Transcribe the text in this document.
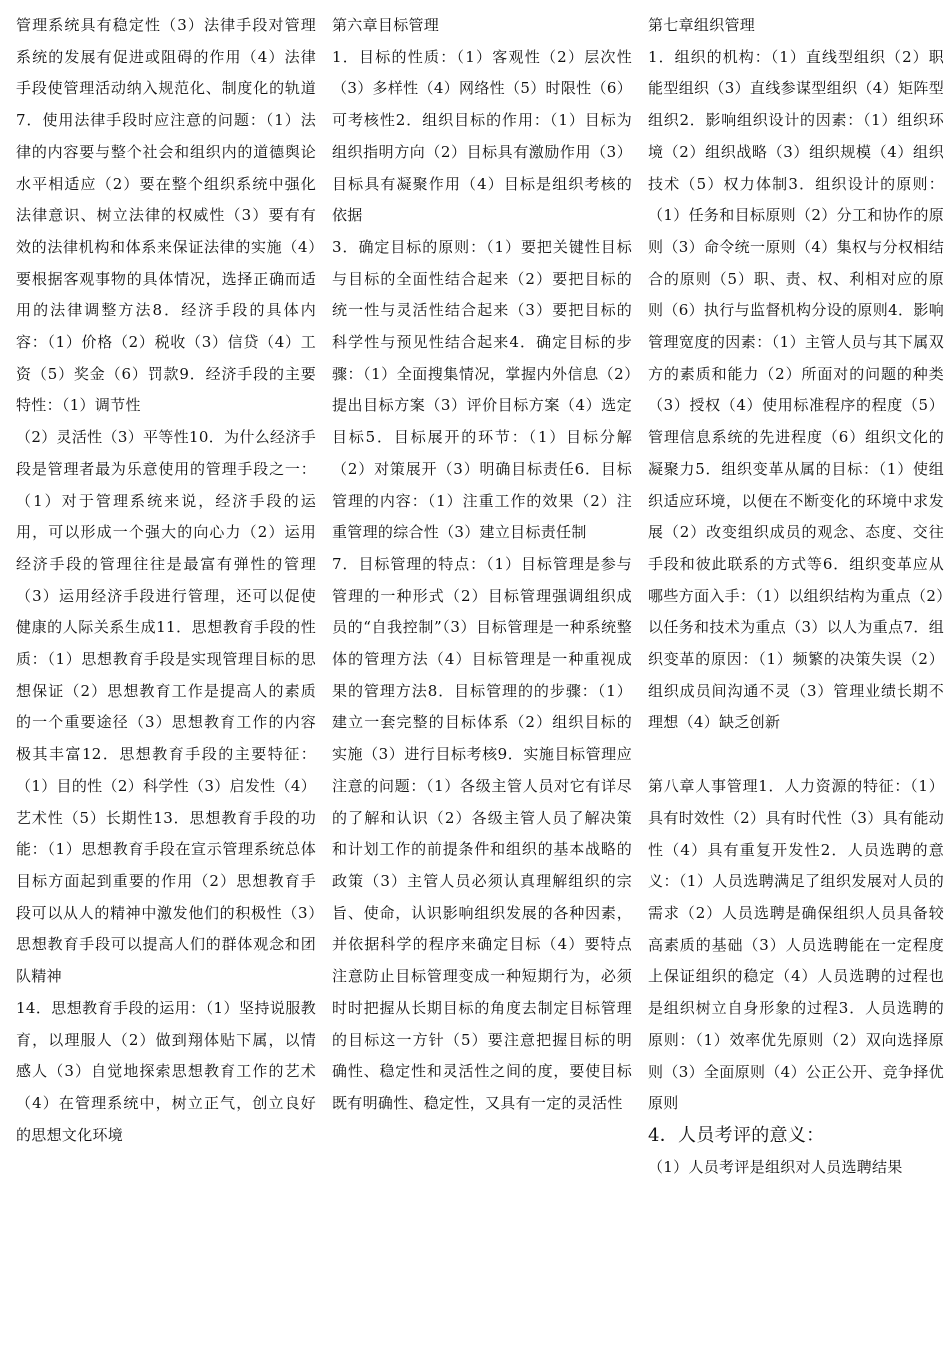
管理系统具有稳定性（3）法律手段对管理系统的发展有促进或阻碍的作用（4）法律手段使管理活动纳入规范化、制度化的轨道7．使用法律手段时应注意的问题：（1）法律的内容要与整个社会和组织内的道德舆论水平相适应（2）要在整个组织系统中强化法律意识、树立法律的权威性（3）要有有效的法律机构和体系来保证法律的实施（4）要根据客观事物的具体情况，选择正确而适用的法律调整方法8．经济手段的具体内容：（1）价格（2）税收（3）信贷（4）工资（5）奖金（6）罚款9．经济手段的主要特性：（1）调节性

（2）灵活性（3）平等性10．为什么经济手段是管理者最为乐意使用的管理手段之一：（1）对于管理系统来说，经济手段的运用，可以形成一个强大的向心力（2）运用经济手段的管理往往是最富有弹性的管理（3）运用经济手段进行管理，还可以促使健康的人际关系生成11．思想教育手段的性质：（1）思想教育手段是实现管理目标的思想保证（2）思想教育工作是提高人的素质的一个重要途径（3）思想教育工作的内容极其丰富12．思想教育手段的主要特征：（1）目的性（2）科学性（3）启发性（4）艺术性（5）长期性13．思想教育手段的功能：（1）思想教育手段在宣示管理系统总体目标方面起到重要的作用（2）思想教育手段可以从人的精神中激发他们的积极性（3）思想教育手段可以提高人们的群体观念和团队精神

14．思想教育手段的运用：（1）坚持说服教育，以理服人（2）做到翔体贴下属，以情感人（3）自觉地探索思想教育工作的艺术（4）在管理系统中，树立正气，创立良好的思想文化环境

第六章目标管理

1．目标的性质：（1）客观性（2）层次性（3）多样性（4）网络性（5）时限性（6）可考核性2．组织目标的作用：（1）目标为组织指明方向（2）目标具有激励作用（3）目标具有凝聚作用（4）目标是组织考核的依据

3．确定目标的原则：（1）要把关键性目标与目标的全面性结合起来（2）要把目标的统一性与灵活性结合起来（3）要把目标的科学性与预见性结合起来4．确定目标的步骤：（1）全面搜集情况，掌握内外信息（2）提出目标方案（3）评价目标方案（4）选定目标5．目标展开的环节：（1）目标分解（2）对策展开（3）明确目标责任6．目标管理的内容：（1）注重工作的效果（2）注重管理的综合性（3）建立目标责任制

7．目标管理的特点：（1）目标管理是参与管理的一种形式（2）目标管理强调组织成员的“自我控制”（3）目标管理是一种系统整体的管理方法（4）目标管理是一种重视成果的管理方法8．目标管理的的步骤：（1）建立一套完整的目标体系（2）组织目标的实施（3）进行目标考核9．实施目标管理应注意的问题：（1）各级主管人员对它有详尽的了解和认识（2）各级主管人员了解决策和计划工作的前提条件和组织的基本战略的政策（3）主管人员必须认真理解组织的宗旨、使命，认识影响组织发展的各种因素，并依据科学的程序来确定目标（4）要特点注意防止目标管理变成一种短期行为，必须时时把握从长期目标的角度去制定目标管理的目标这一方针（5）要注意把握目标的明确性、稳定性和灵活性之间的度，要使目标既有明确性、稳定性，又具有一定的灵活性

第七章组织管理

1．组织的机构：（1）直线型组织（2）职能型组织（3）直线参谋型组织（4）矩阵型组织2．影响组织设计的因素：（1）组织环境（2）组织战略（3）组织规模（4）组织技术（5）权力体制3．组织设计的原则：（1）任务和目标原则（2）分工和协作的原则（3）命令统一原则（4）集权与分权相结合的原则（5）职、责、权、利相对应的原则（6）执行与监督机构分设的原则4．影响管理宽度的因素：（1）主管人员与其下属双方的素质和能力（2）所面对的问题的种类（3）授权（4）使用标准程序的程度（5）管理信息系统的先进程度（6）组织文化的凝聚力5．组织变革从属的目标：（1）使组织适应环境，以便在不断变化的环境中求发展（2）改变组织成员的观念、态度、交往手段和彼此联系的方式等6．组织变革应从哪些方面入手：（1）以组织结构为重点（2）以任务和技术为重点（3）以人为重点7．组织变革的原因：（1）频繁的决策失误（2）组织成员间沟通不灵（3）管理业绩长期不理想（4）缺乏创新

第八章人事管理1．人力资源的特征：（1）具有时效性（2）具有时代性（3）具有能动性（4）具有重复开发性2．人员选聘的意义：（1）人员选聘满足了组织发展对人员的需求（2）人员选聘是确保组织人员具备较高素质的基础（3）人员选聘能在一定程度上保证组织的稳定（4）人员选聘的过程也是组织树立自身形象的过程3．人员选聘的原则：（1）效率优先原则（2）双向选择原则（3）全面原则（4）公正公开、竞争择优原则

4．人员考评的意义：

（1）人员考评是组织对人员选聘结果
